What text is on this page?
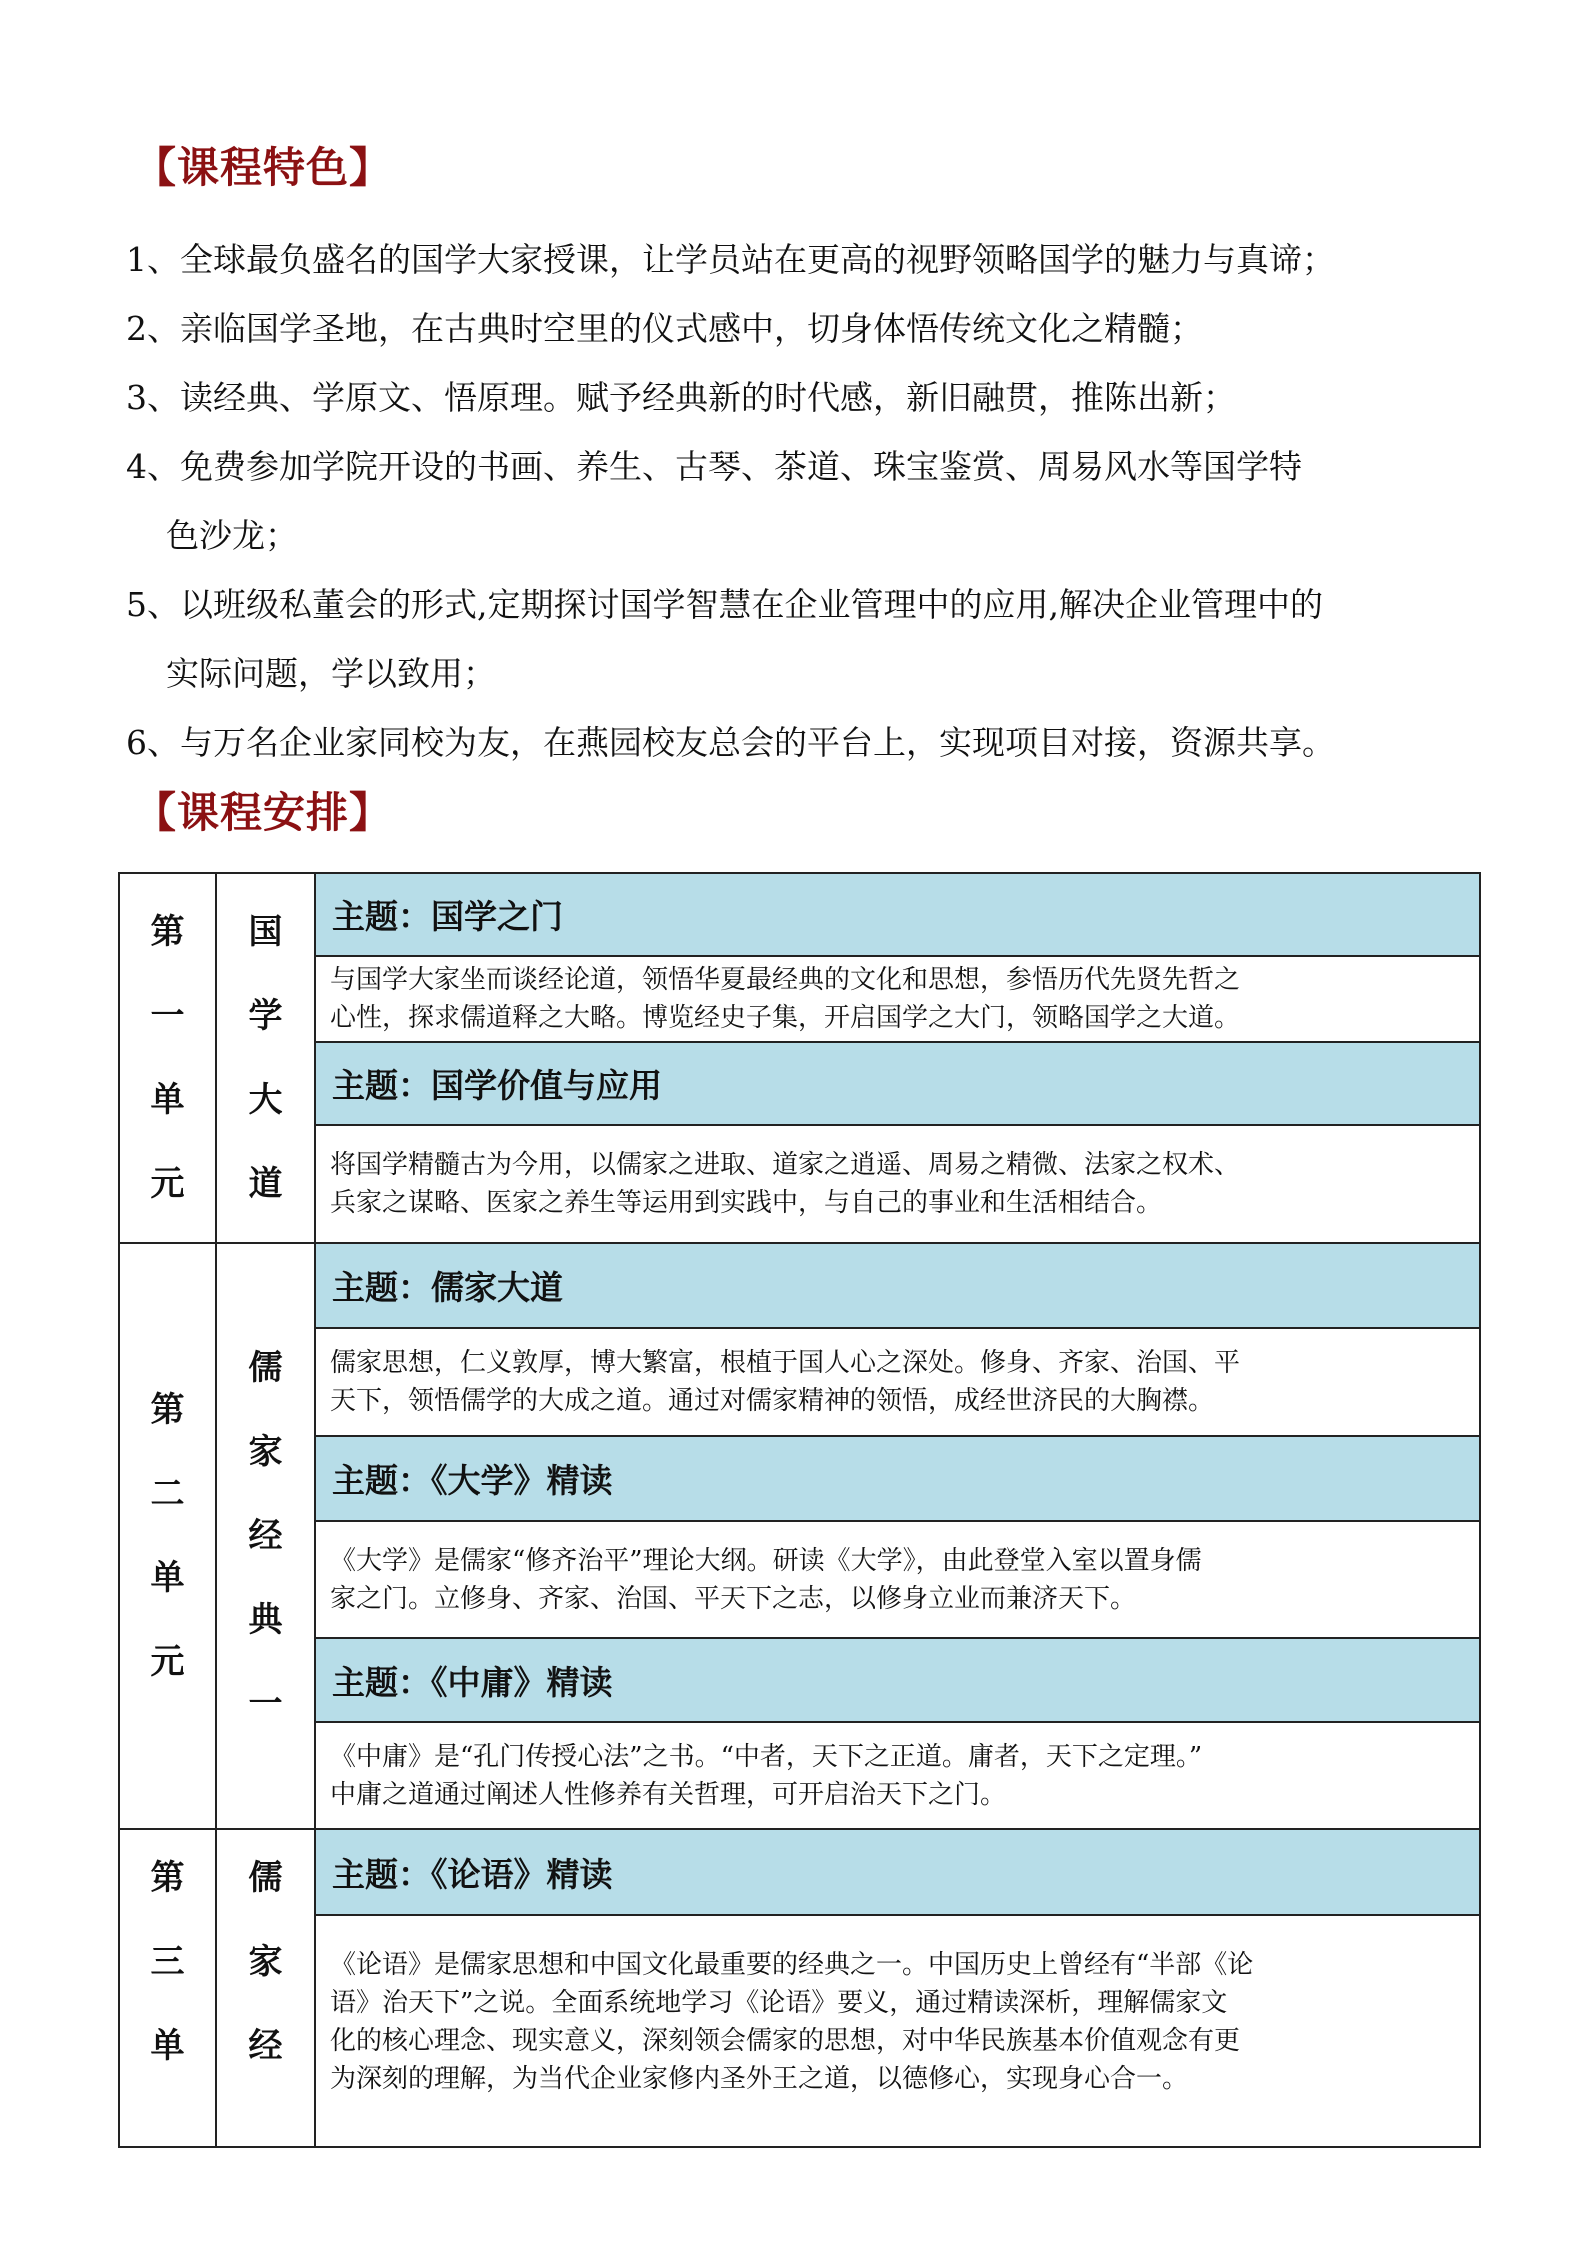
【课程特色】
1、全球最负盛名的国学大家授课，让学员站在更高的视野领略国学的魅力与真谛；
2、亲临国学圣地，在古典时空里的仪式感中，切身体悟传统文化之精髓；
3、读经典、学原文、悟原理。赋予经典新的时代感，新旧融贯，推陈出新；
4、免费参加学院开设的书画、养生、古琴、茶道、珠宝鉴赏、周易风水等国学特
色沙龙；
5、以班级私董会的形式,定期探讨国学智慧在企业管理中的应用,解决企业管理中的
实际问题，学以致用；
6、与万名企业家同校为友，在燕园校友总会的平台上，实现项目对接，资源共享。
【课程安排】
第
一
单
元	国
学
大
道	主题：国学之门

		与国学大家坐而谈经论道，领悟华夏最经典的文化和思想，参悟历代先贤先哲之
心性，探求儒道释之大略。博览经史子集，开启国学之大门，领略国学之大道。

		主题：国学价值与应用

		将国学精髓古为今用，以儒家之进取、道家之逍遥、周易之精微、法家之权术、
兵家之谋略、医家之养生等运用到实践中，与自己的事业和生活相结合。

第
二
单
元	儒
家
经
典
一	主题：儒家大道

		儒家思想，仁义敦厚，博大繁富，根植于国人心之深处。修身、齐家、治国、平
天下，领悟儒学的大成之道。通过对儒家精神的领悟，成经世济民的大胸襟。

		主题：《大学》精读

		《大学》是儒家“修齐治平”理论大纲。研读《大学》，由此登堂入室以置身儒
家之门。立修身、齐家、治国、平天下之志，以修身立业而兼济天下。

		主题：《中庸》精读

		《中庸》是“孔门传授心法”之书。“中者，天下之正道。庸者，天下之定理。”
中庸之道通过阐述人性修养有关哲理，可开启治天下之门。

第
三
单	儒
家
经	主题：《论语》精读

		《论语》是儒家思想和中国文化最重要的经典之一。中国历史上曾经有“半部《论
语》治天下”之说。全面系统地学习《论语》要义，通过精读深析，理解儒家文
化的核心理念、现实意义，深刻领会儒家的思想，对中华民族基本价值观念有更
为深刻的理解，为当代企业家修内圣外王之道，以德修心，实现身心合一。
